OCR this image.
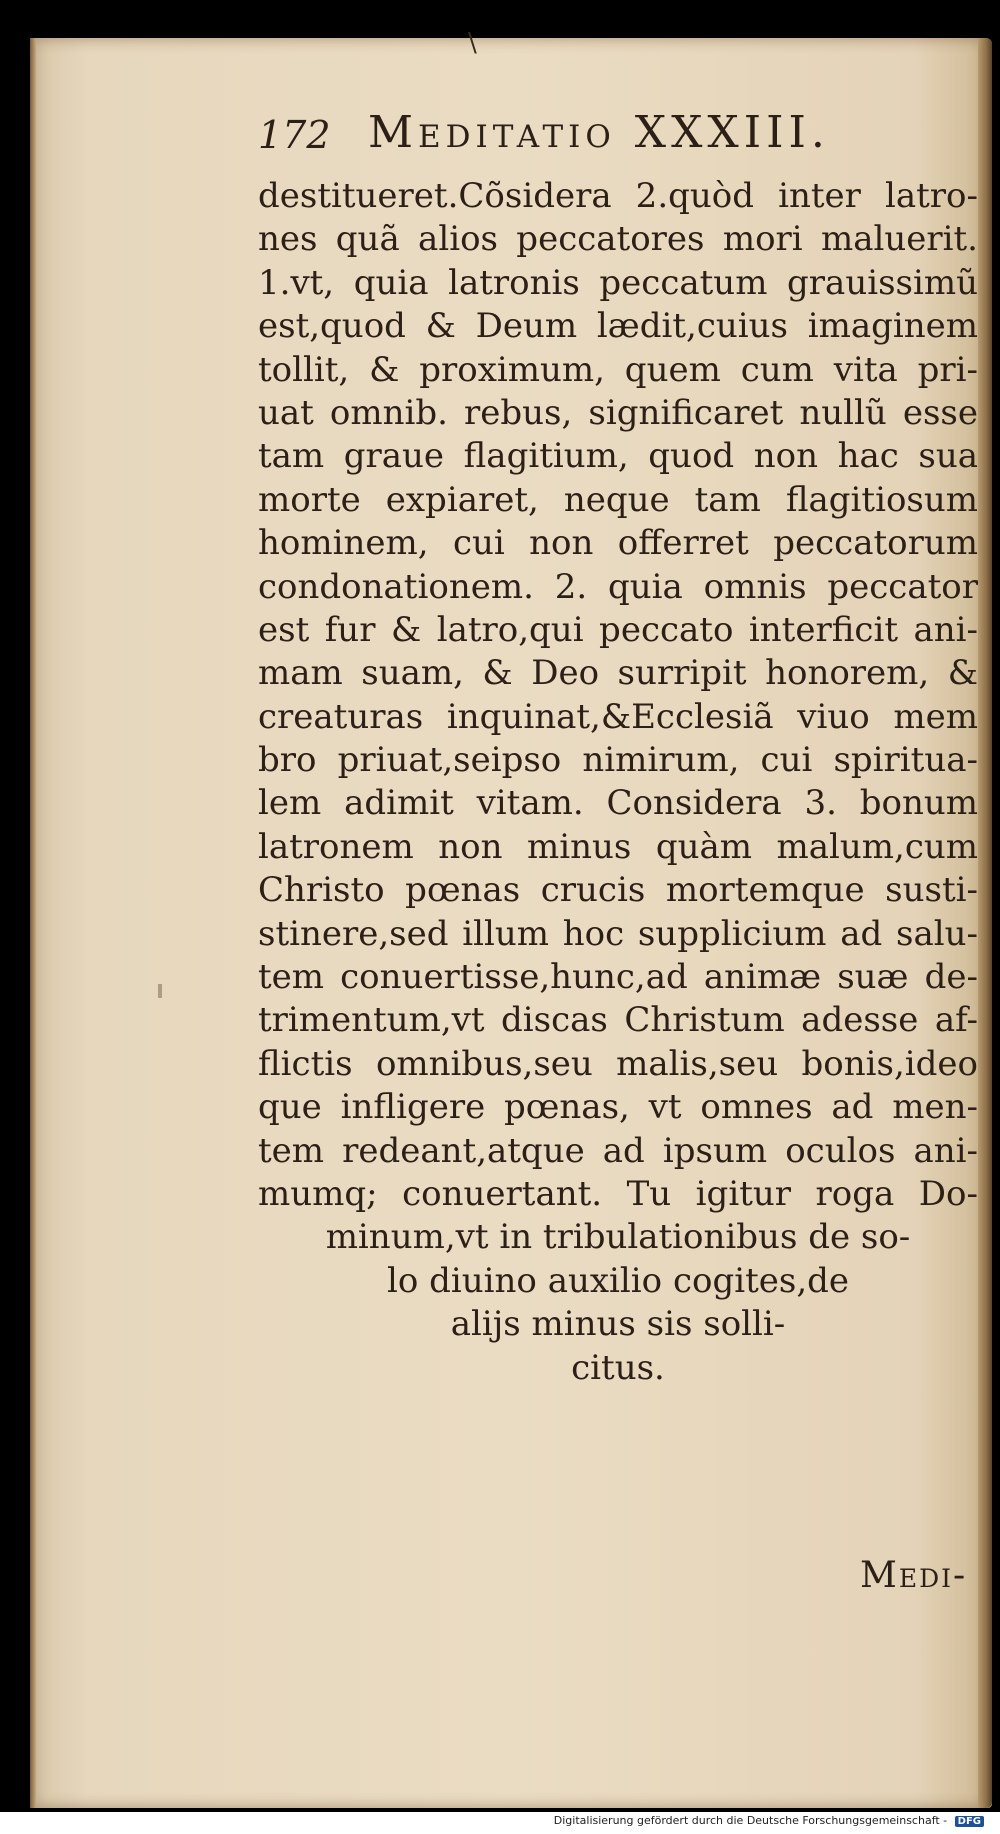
\
172 Meditatio XXXIII.
destitueret.Cõsidera 2.quòd inter latro-
nes quã alios peccatores mori maluerit.
1.vt, quia latronis peccatum grauissimũ
est,quod & Deum lædit,cuius imaginem
tollit, & proximum, quem cum vita pri-
uat omnib. rebus, significaret nullũ esse
tam graue flagitium, quod non hac sua
morte expiaret, neque tam flagitiosum
hominem, cui non offerret peccatorum
condonationem. 2. quia omnis peccator
est fur & latro,qui peccato interficit ani-
mam suam, & Deo surripit honorem, &
creaturas inquinat,&Ecclesiã viuo mem
bro priuat,seipso nimirum, cui spiritua-
lem adimit vitam. Considera 3. bonum
latronem non minus quàm malum,cum
Christo pœnas crucis mortemque susti-
stinere,sed illum hoc supplicium ad salu-
tem conuertisse,hunc,ad animæ suæ de-
trimentum,vt discas Christum adesse af-
flictis omnibus,seu malis,seu bonis,ideo
que infligere pœnas, vt omnes ad men-
tem redeant,atque ad ipsum oculos ani-
mumq; conuertant. Tu igitur roga Do-
minum,vt in tribulationibus de so-
lo diuino auxilio cogites,de
alijs minus sis solli-
citus.
Medi-
Digitalisierung gefördert durch die Deutsche Forschungsgemeinschaft - DFG
